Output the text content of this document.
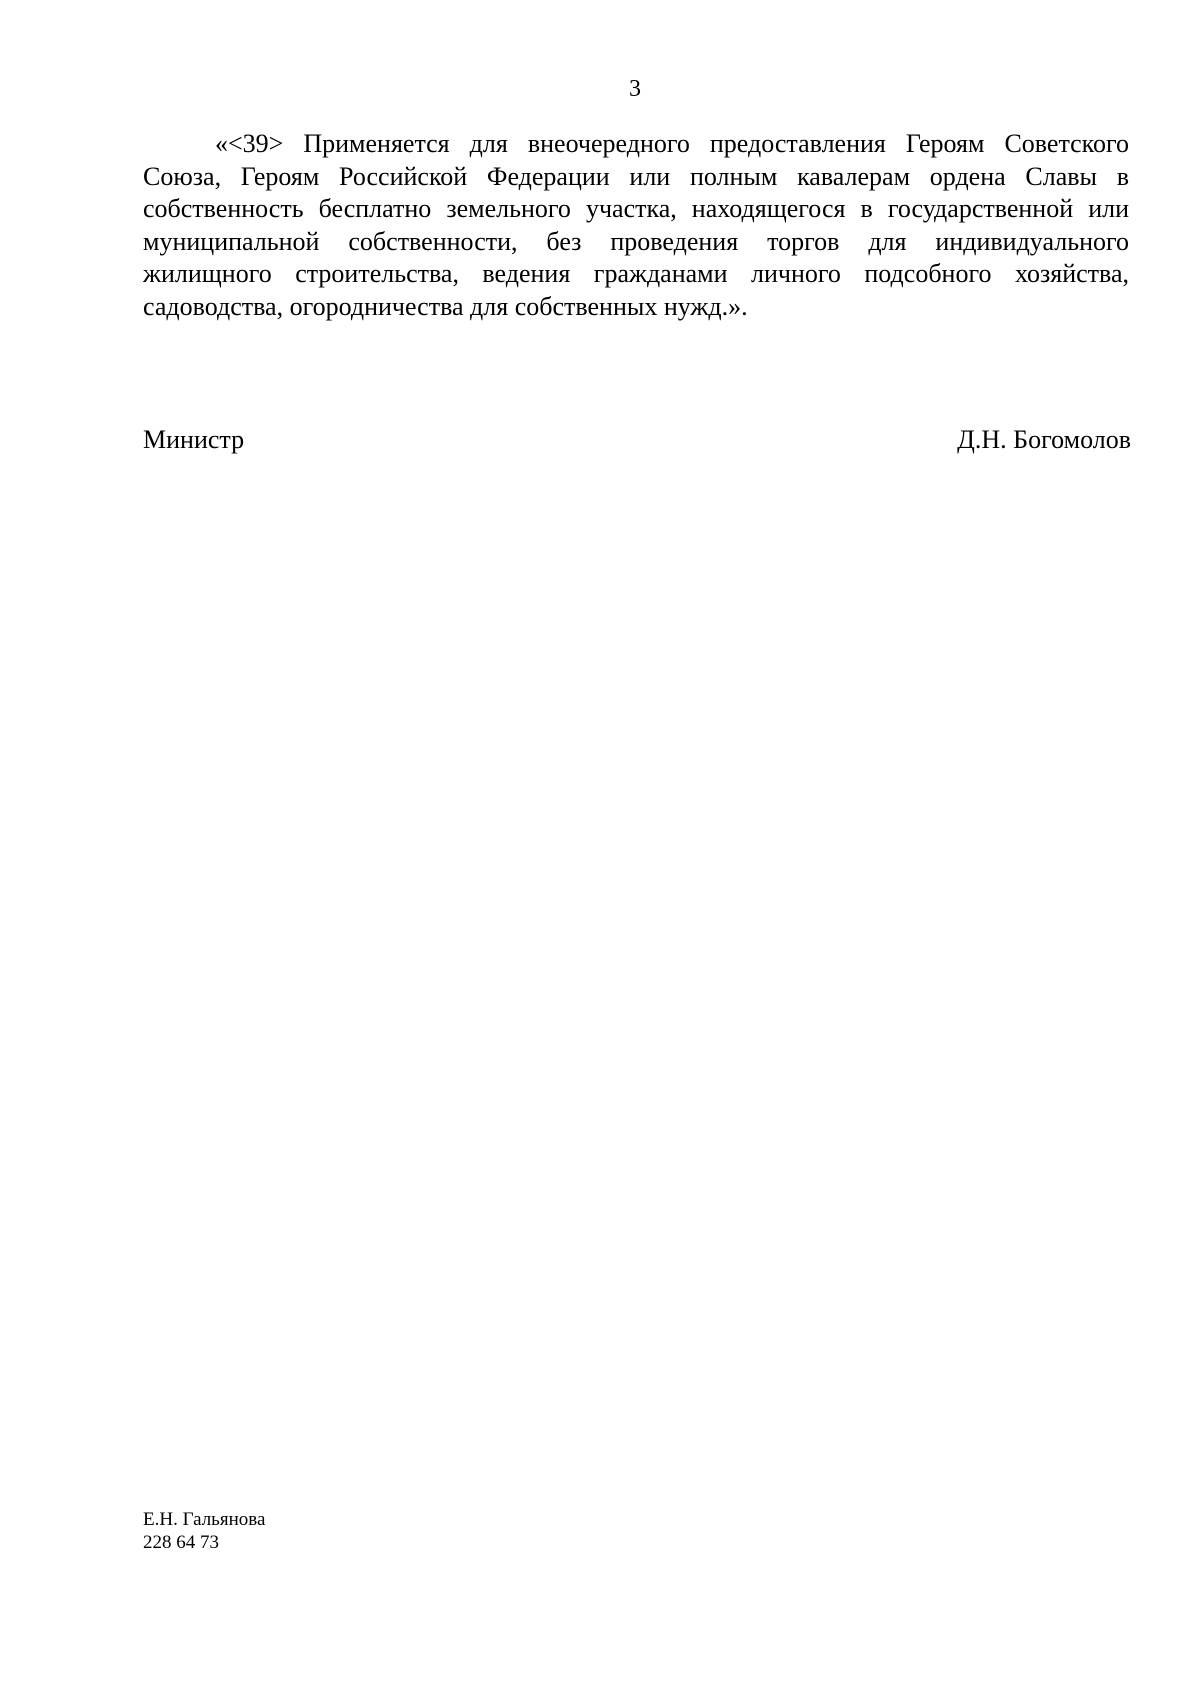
3

«<39> Применяется для внеочередного предоставления Героям Советского Союза, Героям Российской Федерации или полным кавалерам ордена Славы в собственность бесплатно земельного участка, находящегося в государственной или муниципальной собственности, без проведения торгов для индивидуального жилищного строительства, ведения гражданами личного подсобного хозяйства, садоводства, огородничества для собственных нужд.».

Министр	Д.Н. Богомолов
Е.Н. Гальянова
228 64 73
